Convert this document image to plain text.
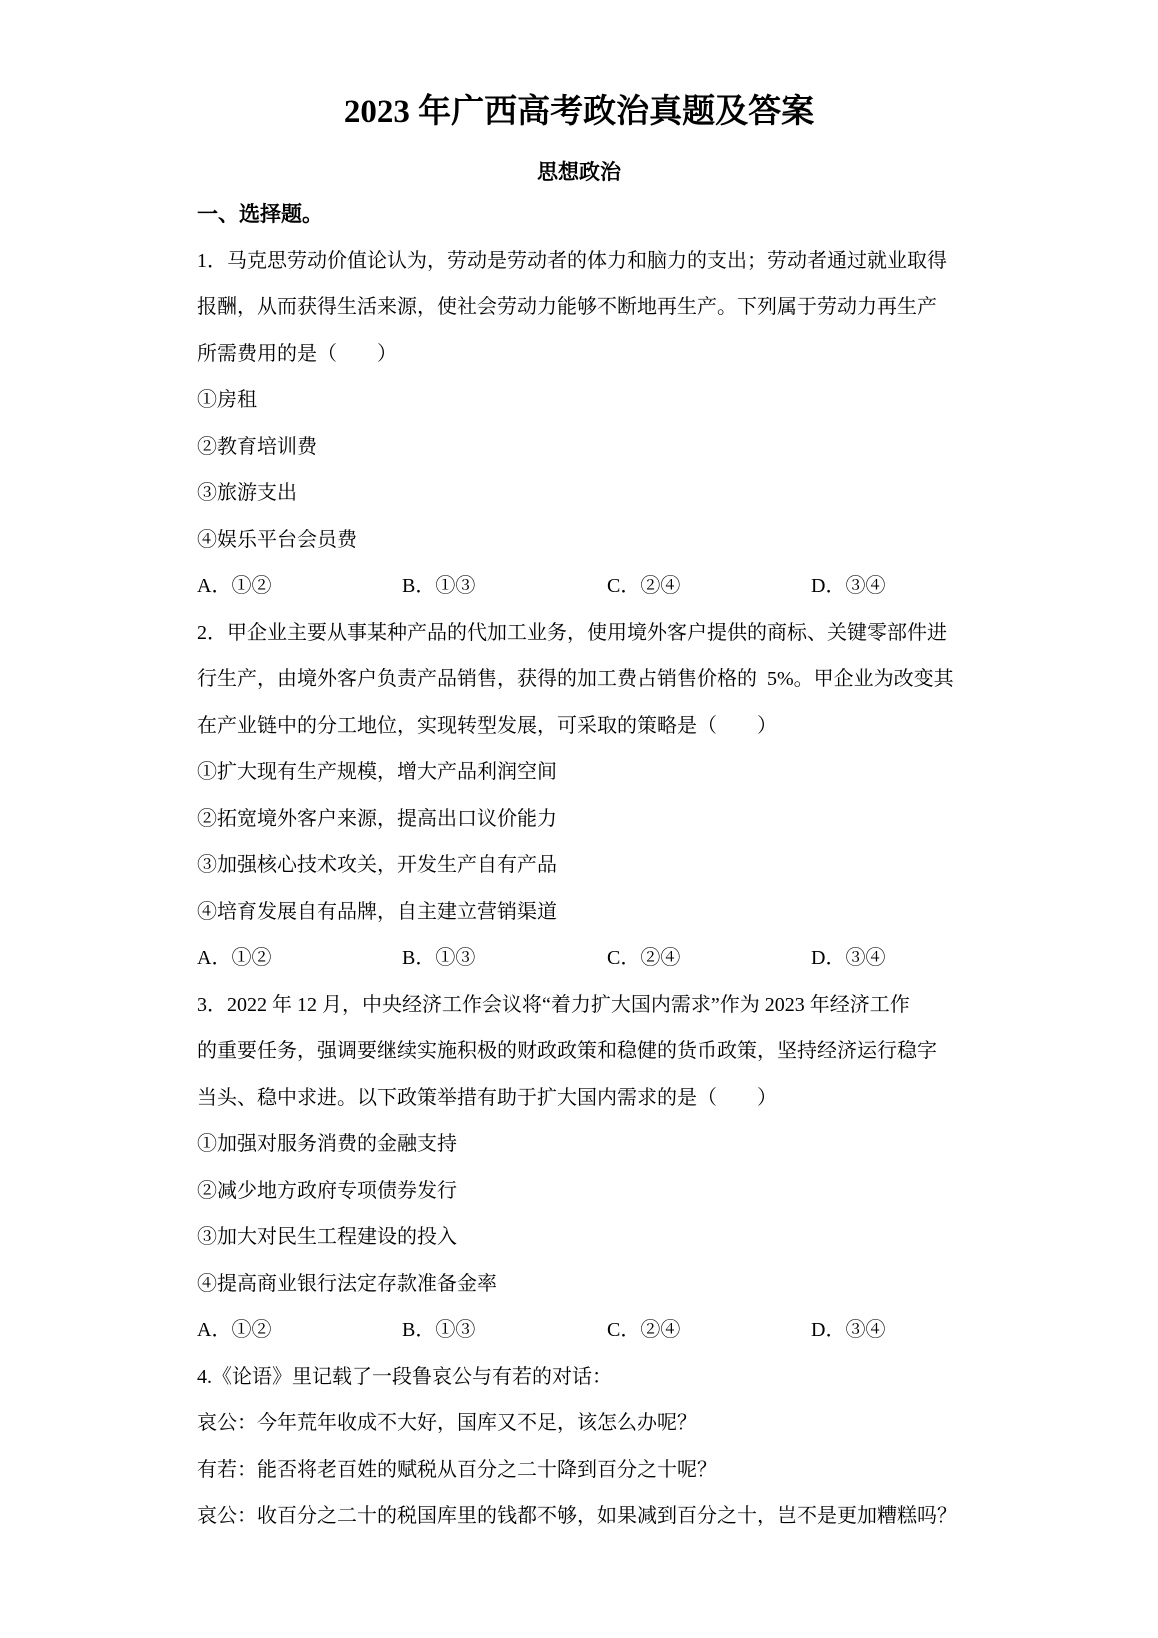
2023 年广西高考政治真题及答案
思想政治
一、选择题。
1．马克思劳动价值论认为，劳动是劳动者的体力和脑力的支出；劳动者通过就业取得
报酬，从而获得生活来源，使社会劳动力能够不断地再生产。下列属于劳动力再生产
所需费用的是（　　）
①房租
②教育培训费
③旅游支出
④娱乐平台会员费

A．①②

	B．①③

	C．②④

	D．③④

2．甲企业主要从事某种产品的代加工业务，使用境外客户提供的商标、关键零部件进
行生产，由境外客户负责产品销售，获得的加工费占销售价格的  5%。甲企业为改变其
在产业链中的分工地位，实现转型发展，可采取的策略是（　　）
①扩大现有生产规模，增大产品利润空间
②拓宽境外客户来源，提高出口议价能力
③加强核心技术攻关，开发生产自有产品
④培育发展自有品牌，自主建立营销渠道

A．①②

	B．①③

	C．②④

	D．③④

3．2022 年 12 月，中央经济工作会议将“着力扩大国内需求”作为 2023 年经济工作
的重要任务，强调要继续实施积极的财政政策和稳健的货币政策，坚持经济运行稳字
当头、稳中求进。以下政策举措有助于扩大国内需求的是（　　）
①加强对服务消费的金融支持
②减少地方政府专项债券发行
③加大对民生工程建设的投入
④提高商业银行法定存款准备金率

A．①②

	B．①③

	C．②④

	D．③④

4.《论语》里记载了一段鲁哀公与有若的对话：
哀公：今年荒年收成不大好，国库又不足，该怎么办呢？
有若：能否将老百姓的赋税从百分之二十降到百分之十呢？
哀公：收百分之二十的税国库里的钱都不够，如果减到百分之十，岂不是更加糟糕吗？
